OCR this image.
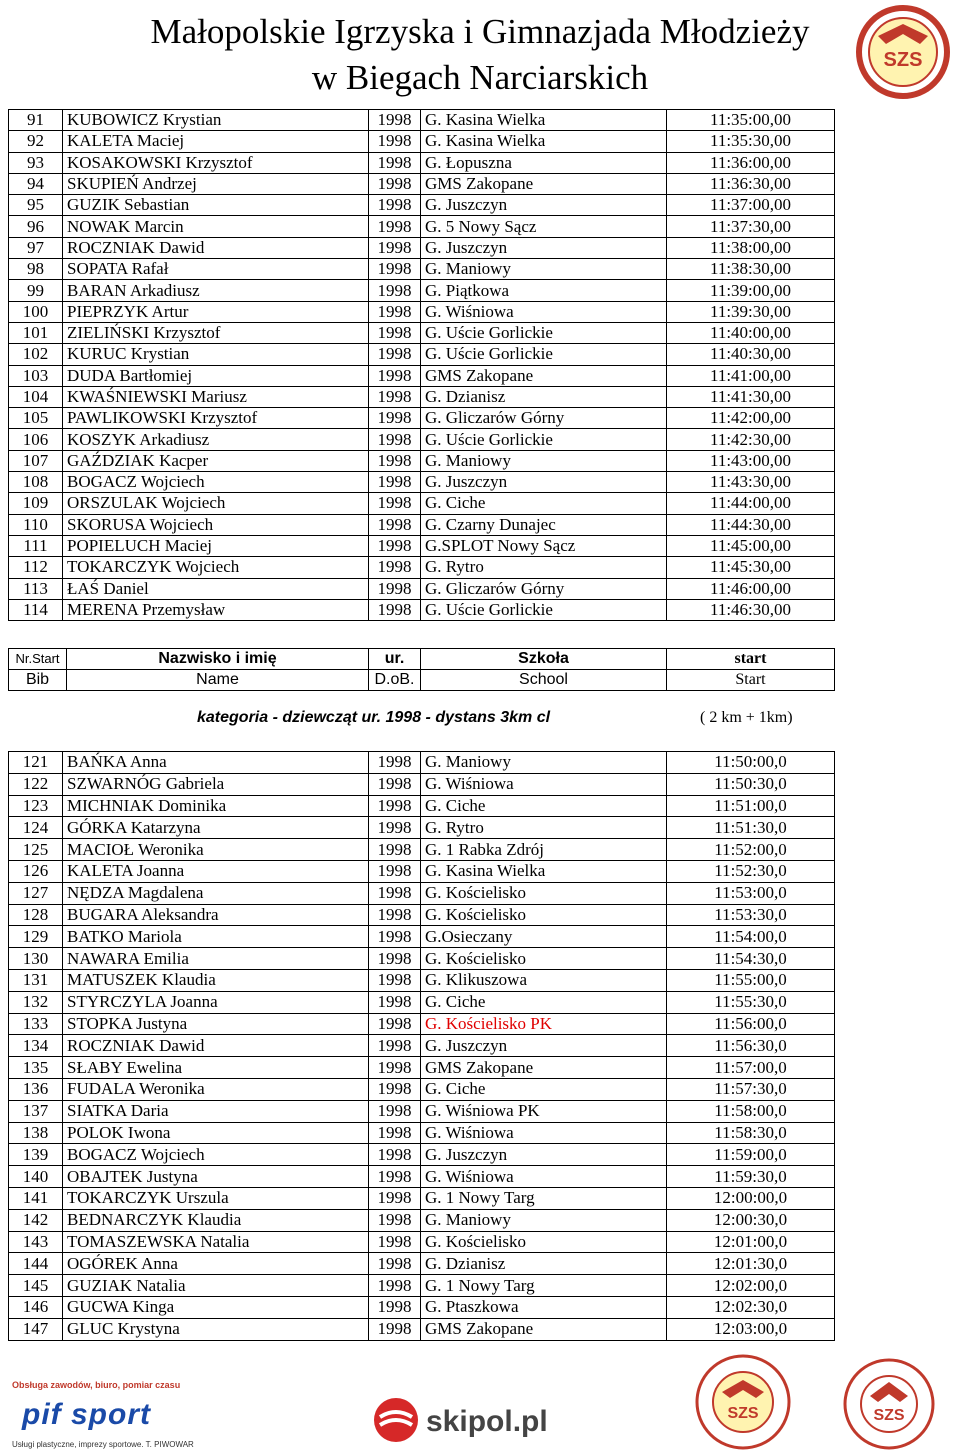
Małopolskie Igrzyska i Gimnazjada Młodzieży
w Biegach Narciarskich	SZS
91	KUBOWICZ Krystian	1998	G. Kasina Wielka	11:35:00,00
92	KALETA Maciej	1998	G. Kasina Wielka	11:35:30,00
93	KOSAKOWSKI Krzysztof	1998	G. Łopuszna	11:36:00,00
94	SKUPIEŃ Andrzej	1998	GMS Zakopane	11:36:30,00
95	GUZIK Sebastian	1998	G. Juszczyn	11:37:00,00
96	NOWAK Marcin	1998	G. 5 Nowy Sącz	11:37:30,00
97	ROCZNIAK Dawid	1998	G. Juszczyn	11:38:00,00
98	SOPATA Rafał	1998	G. Maniowy	11:38:30,00
99	BARAN Arkadiusz	1998	G. Piątkowa	11:39:00,00
100	PIEPRZYK Artur	1998	G. Wiśniowa	11:39:30,00
101	ZIELIŃSKI Krzysztof	1998	G. Uście Gorlickie	11:40:00,00
102	KURUC Krystian	1998	G. Uście Gorlickie	11:40:30,00
103	DUDA Bartłomiej	1998	GMS Zakopane	11:41:00,00
104	KWAŚNIEWSKI Mariusz	1998	G. Dzianisz	11:41:30,00
105	PAWLIKOWSKI Krzysztof	1998	G. Gliczarów Górny	11:42:00,00
106	KOSZYK Arkadiusz	1998	G. Uście Gorlickie	11:42:30,00
107	GAŹDZIAK Kacper	1998	G. Maniowy	11:43:00,00
108	BOGACZ Wojciech	1998	G. Juszczyn	11:43:30,00
109	ORSZULAK Wojciech	1998	G. Ciche	11:44:00,00
110	SKORUSA Wojciech	1998	G. Czarny Dunajec	11:44:30,00
111	POPIELUCH Maciej	1998	G.SPLOT Nowy Sącz	11:45:00,00
112	TOKARCZYK Wojciech	1998	G. Rytro	11:45:30,00
113	ŁAŚ Daniel	1998	G. Gliczarów Górny	11:46:00,00
114	MERENA Przemysław	1998	G. Uście Gorlickie	11:46:30,00
Nr.Start	Nazwisko i imię	ur.	Szkoła	start
Bib	Name	D.oB.	School	Start
kategoria - dziewcząt ur. 1998 - dystans 3km cl	( 2 km + 1km)
121	BAŃKA Anna	1998	G. Maniowy	11:50:00,0
122	SZWARNÓG Gabriela	1998	G. Wiśniowa	11:50:30,0
123	MICHNIAK Dominika	1998	G. Ciche	11:51:00,0
124	GÓRKA Katarzyna	1998	G. Rytro	11:51:30,0
125	MACIOŁ Weronika	1998	G. 1 Rabka Zdrój	11:52:00,0
126	KALETA Joanna	1998	G. Kasina Wielka	11:52:30,0
127	NĘDZA Magdalena	1998	G. Kościelisko	11:53:00,0
128	BUGARA Aleksandra	1998	G. Kościelisko	11:53:30,0
129	BATKO Mariola	1998	G.Osieczany	11:54:00,0
130	NAWARA Emilia	1998	G. Kościelisko	11:54:30,0
131	MATUSZEK Klaudia	1998	G. Klikuszowa	11:55:00,0
132	STYRCZYLA Joanna	1998	G. Ciche	11:55:30,0
133	STOPKA Justyna	1998	G. Kościelisko PK	11:56:00,0
134	ROCZNIAK Dawid	1998	G. Juszczyn	11:56:30,0
135	SŁABY Ewelina	1998	GMS Zakopane	11:57:00,0
136	FUDALA Weronika	1998	G. Ciche	11:57:30,0
137	SIATKA Daria	1998	G. Wiśniowa PK	11:58:00,0
138	POLOK Iwona	1998	G. Wiśniowa	11:58:30,0
139	BOGACZ Wojciech	1998	G. Juszczyn	11:59:00,0
140	OBAJTEK Justyna	1998	G. Wiśniowa	11:59:30,0
141	TOKARCZYK Urszula	1998	G. 1 Nowy Targ	12:00:00,0
142	BEDNARCZYK Klaudia	1998	G. Maniowy	12:00:30,0
143	TOMASZEWSKA Natalia	1998	G. Kościelisko	12:01:00,0
144	OGÓREK Anna	1998	G. Dzianisz	12:01:30,0
145	GUZIAK Natalia	1998	G. 1 Nowy Targ	12:02:00,0
146	GUCWA Kinga	1998	G. Ptaszkowa	12:02:30,0
147	GLUC Krystyna	1998	GMS Zakopane	12:03:00,0
Obsługa zawodów, biuro, pomiar czasu
pif sport
Usługi plastyczne, imprezy sportowe. T. PIWOWAR
skipol.pl	SZS	SZS
